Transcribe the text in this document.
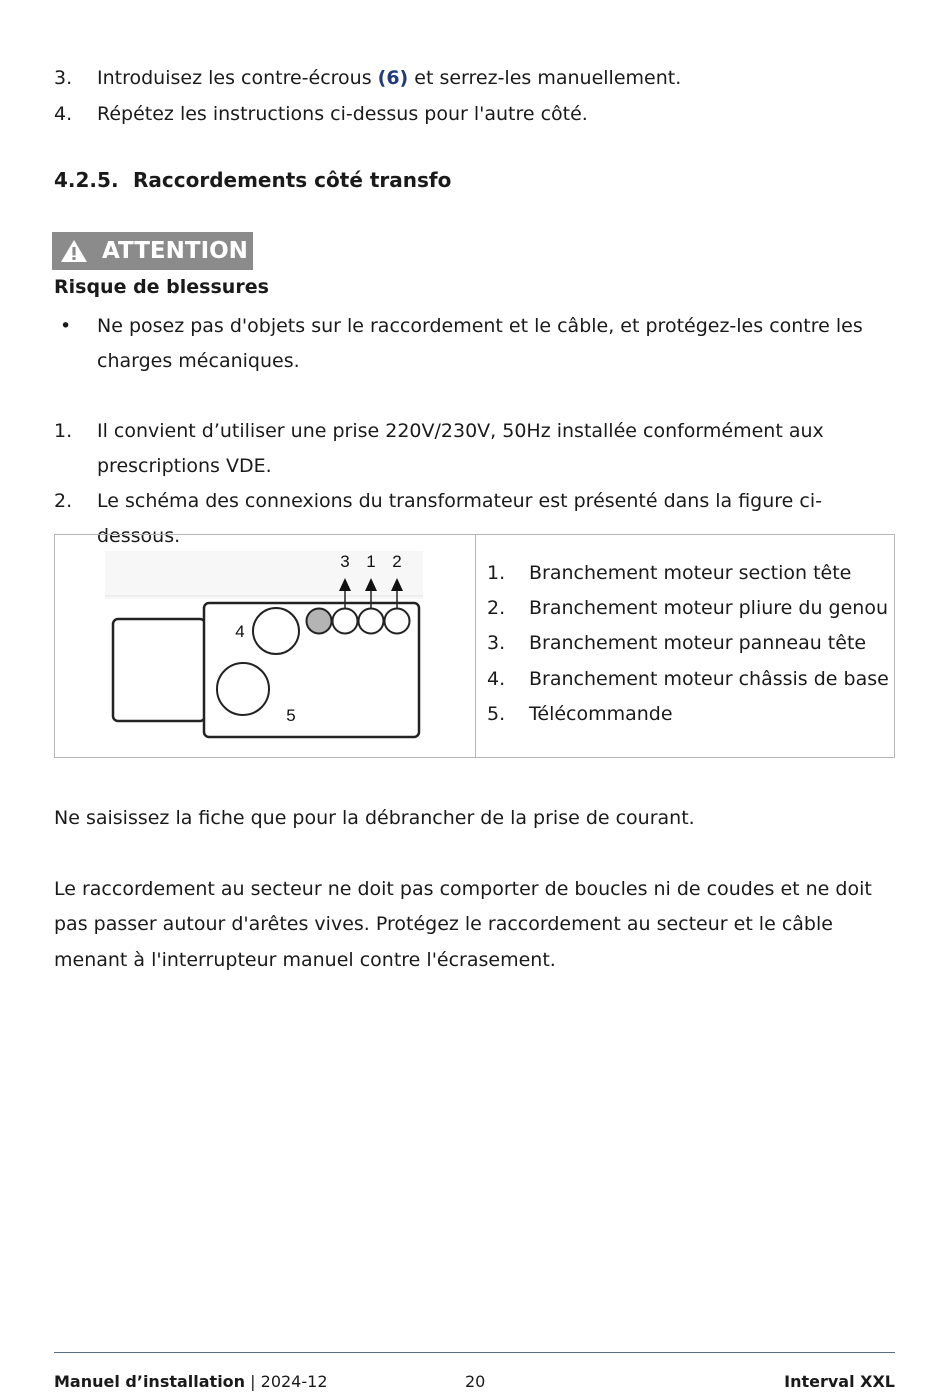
3. Introduisez les contre-écrous (6) et serrez-les manuellement.
4. Répétez les instructions ci-dessus pour l'autre côté.
4.2.5. Raccordements côté transfo
ATTENTION
Risque de blessures
• Ne posez pas d'objets sur le raccordement et le câble, et protégez-les contre les charges mécaniques.
1. Il convient d’utiliser une prise 220V/230V, 50Hz installée conformément aux prescriptions VDE.
2. Le schéma des connexions du transformateur est présenté dans la figure ci-dessous.
3 1 2
4
5
1. Branchement moteur section tête
2. Branchement moteur pliure du genou
3. Branchement moteur panneau tête
4. Branchement moteur châssis de base
5. Télécommande
Ne saisissez la fiche que pour la débrancher de la prise de courant.
Le raccordement au secteur ne doit pas comporter de boucles ni de coudes et ne doit pas passer autour d'arêtes vives. Protégez le raccordement au secteur et le câble menant à l'interrupteur manuel contre l'écrasement.
Manuel d’installation | 2024-12	20	Interval XXL
